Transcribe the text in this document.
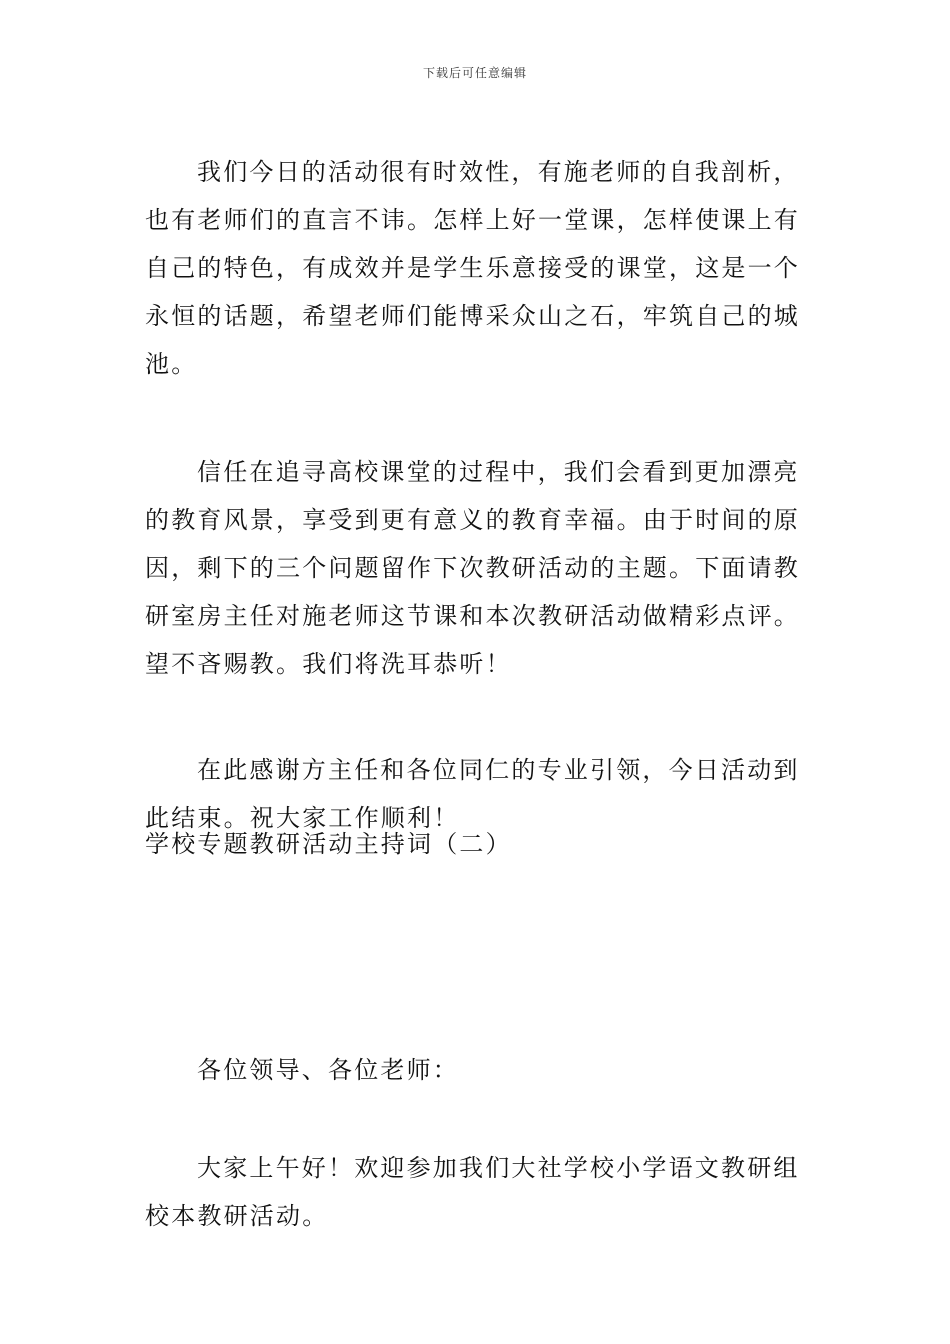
下载后可任意编辑

我们今日的活动很有时效性，有施老师的自我剖析，也有老师们的直言不讳。怎样上好一堂课，怎样使课上有自己的特色，有成效并是学生乐意接受的课堂，这是一个永恒的话题，希望老师们能博采众山之石，牢筑自己的城池。

信任在追寻高校课堂的过程中，我们会看到更加漂亮的教育风景，享受到更有意义的教育幸福。由于时间的原因，剩下的三个问题留作下次教研活动的主题。下面请教研室房主任对施老师这节课和本次教研活动做精彩点评。望不吝赐教。我们将洗耳恭听！

在此感谢方主任和各位同仁的专业引领，今日活动到此结束。祝大家工作顺利！

学校专题教研活动主持词（二）

各位领导、各位老师：

大家上午好！欢迎参加我们大社学校小学语文教研组校本教研活动。
